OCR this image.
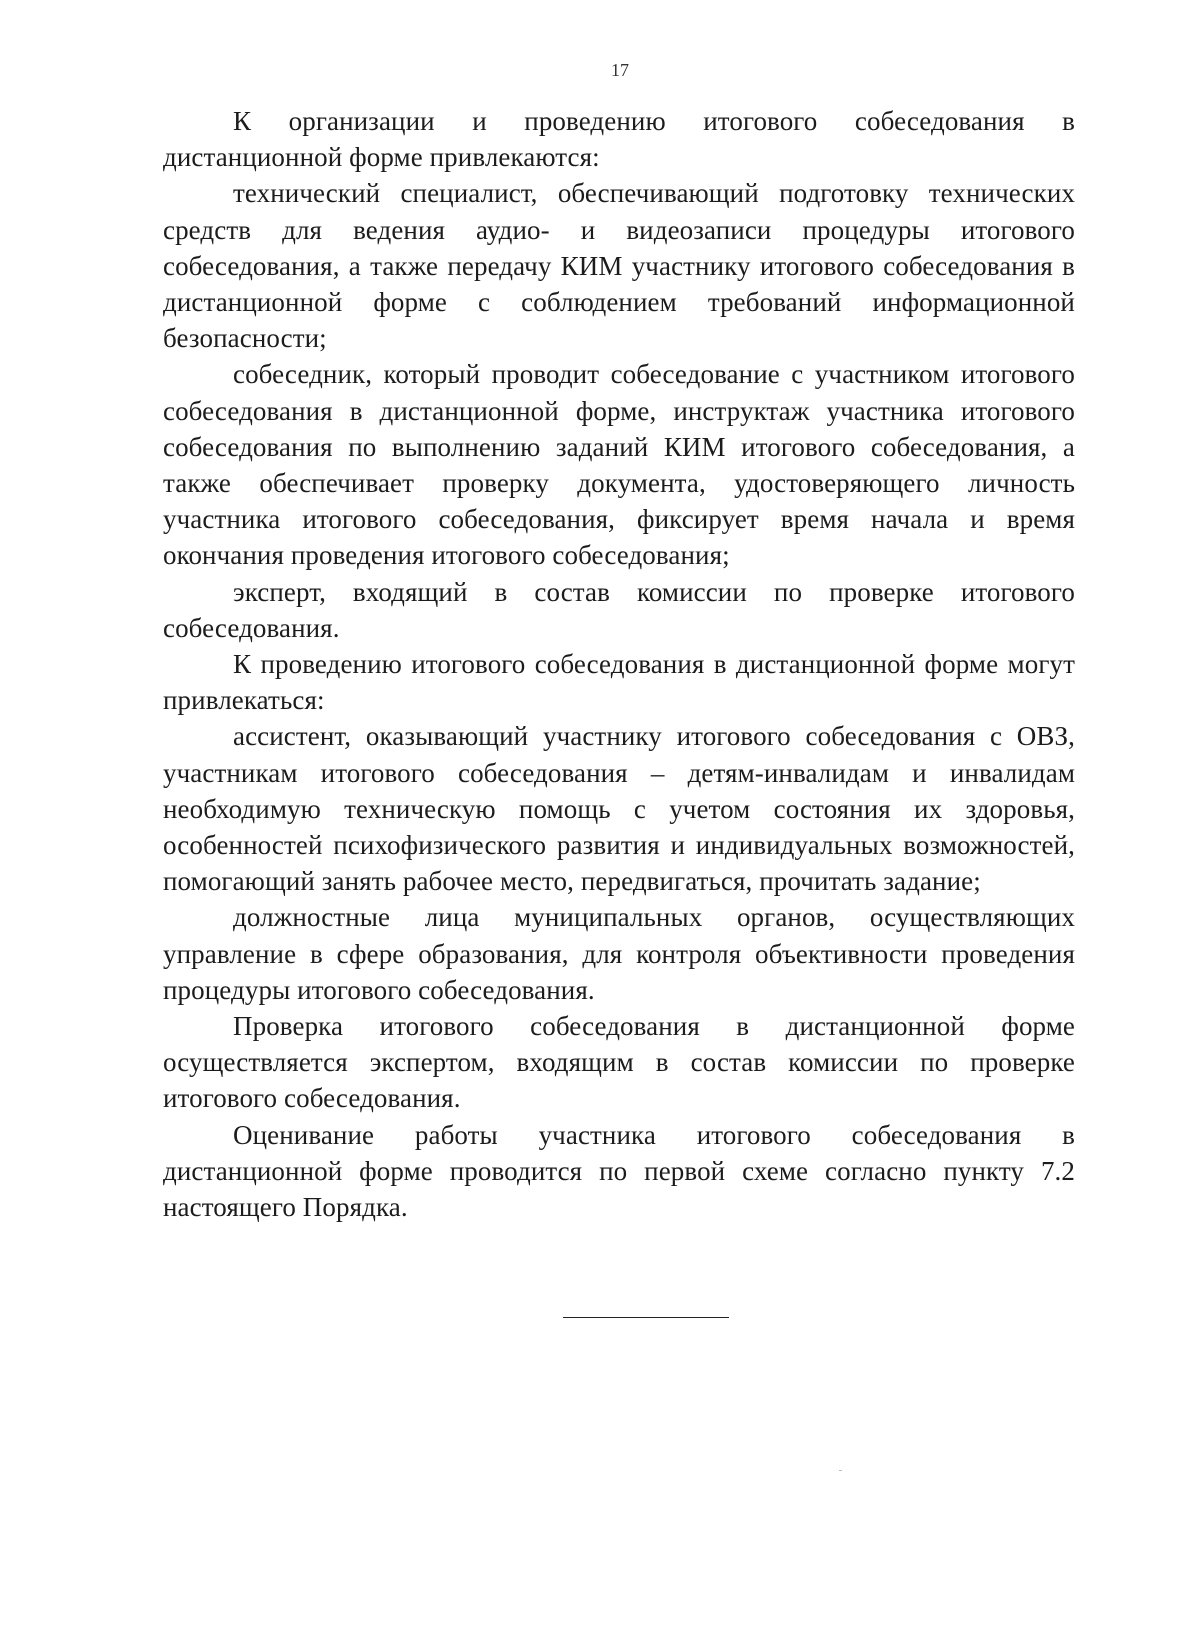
17

К организации и проведению итогового собеседования в дистанционной форме привлекаются:

технический специалист, обеспечивающий подготовку технических средств для ведения аудио- и видеозаписи процедуры итогового собеседования, а также передачу КИМ участнику итогового собеседования в дистанционной форме с соблюдением требований информационной безопасности;

собеседник, который проводит собеседование с участником итогового собеседования в дистанционной форме, инструктаж участника итогового собеседования по выполнению заданий КИМ итогового собеседования, а также обеспечивает проверку документа, удостоверяющего личность участника итогового собеседования, фиксирует время начала и время окончания проведения итогового собеседования;

эксперт, входящий в состав комиссии по проверке итогового собеседования.

К проведению итогового собеседования в дистанционной форме могут привлекаться:

ассистент, оказывающий участнику итогового собеседования с ОВЗ, участникам итогового собеседования – детям-инвалидам и инвалидам необходимую техническую помощь с учетом состояния их здоровья, особенностей психофизического развития и индивидуальных возможностей, помогающий занять рабочее место, передвигаться, прочитать задание;

должностные лица муниципальных органов, осуществляющих управление в сфере образования, для контроля объективности проведения процедуры итогового собеседования.

Проверка итогового собеседования в дистанционной форме осуществляется экспертом, входящим в состав комиссии по проверке итогового собеседования.

Оценивание работы участника итогового собеседования в дистанционной форме проводится по первой схеме согласно пункту 7.2 настоящего Порядка.
